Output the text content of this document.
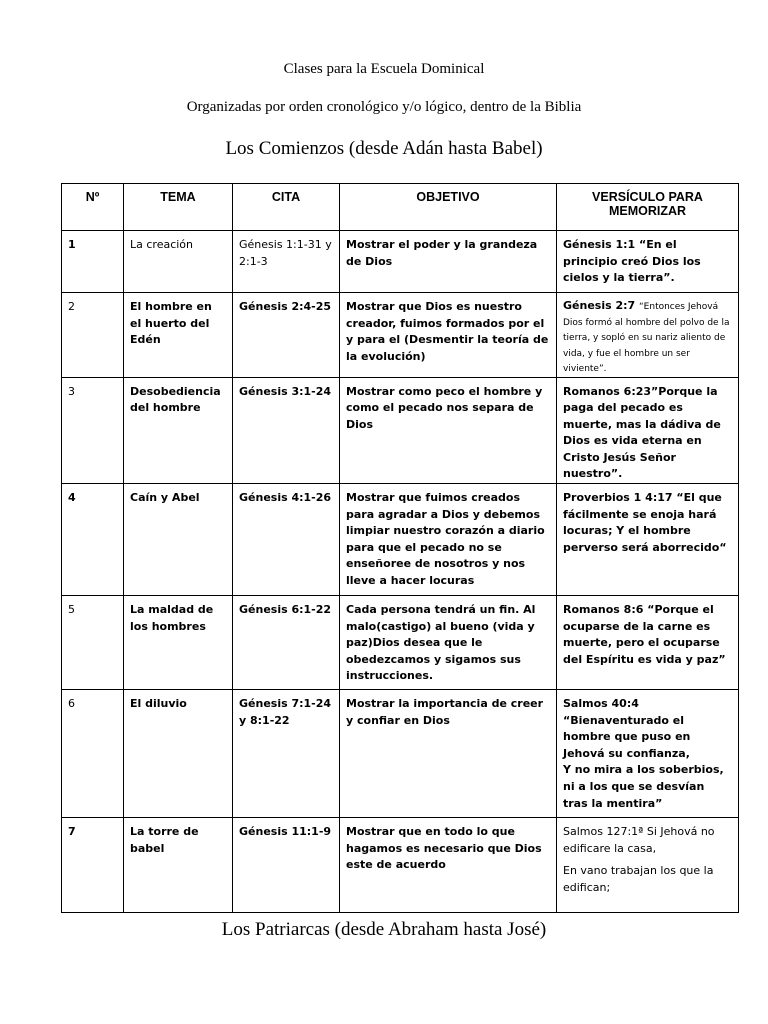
Clases para la Escuela Dominical
Organizadas por orden cronológico y/o lógico, dentro de la Biblia
Los Comienzos (desde Adán hasta Babel)
Nº	TEMA	CITA	OBJETIVO	VERSÍCULO PARA MEMORIZAR
1	La creación	Génesis 1:1-31 y 2:1-3	Mostrar el poder y la grandeza de Dios	Génesis 1:1 “En el principio creó Dios los cielos y la tierra”.
2	El hombre en el huerto del Edén	Génesis 2:4-25	Mostrar que Dios es nuestro creador, fuimos formados por el y para el (Desmentir la teoría de la evolución)	Génesis 2:7 “Entonces Jehová Dios formó al hombre del polvo de la tierra, y sopló en su nariz aliento de vida, y fue el hombre un ser viviente”.
3	Desobediencia del hombre	Génesis 3:1-24	Mostrar como peco el hombre y como el pecado nos separa de Dios	Romanos 6:23”Porque la paga del pecado es muerte, mas la dádiva de Dios es vida eterna en Cristo Jesús Señor nuestro”.
4	Caín y Abel	Génesis 4:1-26	Mostrar que fuimos creados para agradar a Dios y debemos limpiar nuestro corazón a diario para que el pecado no se enseñoree de nosotros y nos lleve a hacer locuras	Proverbios 1 4:17 “El que fácilmente se enoja hará locuras; Y el hombre perverso será aborrecido“
5	La maldad de los hombres	Génesis 6:1-22	Cada persona tendrá un fin. Al malo(castigo) al bueno (vida y paz)Dios desea que le obedezcamos y sigamos sus instrucciones.	Romanos 8:6 “Porque el ocuparse de la carne es muerte, pero el ocuparse del Espíritu es vida y paz”
6	El diluvio	Génesis 7:1-24 y 8:1-22	Mostrar la importancia de creer y confiar en Dios	Salmos 40:4
“Bienaventurado el hombre que puso en Jehová su confianza,
Y no mira a los soberbios, ni a los que se desvían tras la mentira”

7	La torre de babel	Génesis 11:1-9	Mostrar que en todo lo que hagamos es necesario que Dios este de acuerdo	Salmos 127:1ª Si Jehová no edificare la casa,

En vano trabajan los que la edifican;

Los Patriarcas (desde Abraham hasta José)
